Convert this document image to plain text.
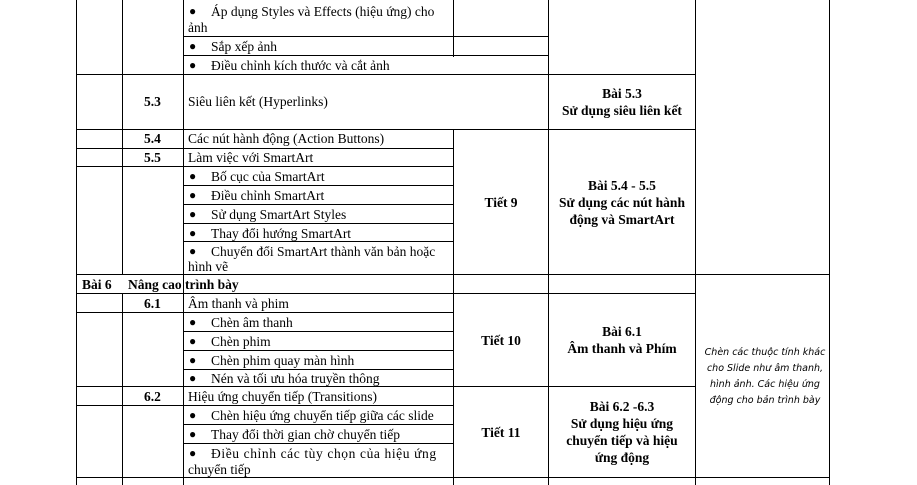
● Áp dụng Styles và Effects (hiệu ứng) cho
ảnh
● Sắp xếp ảnh
● Điều chỉnh kích thước và cắt ảnh
5.3 Siêu liên kết (Hyperlinks)
5.4 Các nút hành động (Action Buttons)
5.5 Làm việc với SmartArt
● Bố cục của SmartArt
● Điều chỉnh SmartArt
● Sử dụng SmartArt Styles
● Thay đổi hướng SmartArt
● Chuyển đổi SmartArt thành văn bản hoặc
hình vẽ
Bài 6 Nâng cao trình bày
6.1 Âm thanh và phim
● Chèn âm thanh
● Chèn phim
● Chèn phim quay màn hình
● Nén và tối ưu hóa truyền thông
6.2 Hiệu ứng chuyển tiếp (Transitions)
● Chèn hiệu ứng chuyển tiếp giữa các slide
● Thay đổi thời gian chờ chuyển tiếp
● Điều chỉnh các tùy chọn của hiệu ứng
chuyển tiếp
Tiết 9
Tiết 10
Tiết 11
Bài 5.3
Sử dụng siêu liên kết
Bài 5.4 - 5.5
Sử dụng các nút hành
động và SmartArt
Bài 6.1
Âm thanh và Phím
Bài 6.2 -6.3
Sử dụng hiệu ứng
chuyển tiếp và hiệu
ứng động
Chèn các thuộc tính khác
cho Slide như âm thanh,
hình ảnh. Các hiệu ứng
động cho bản trình bày
